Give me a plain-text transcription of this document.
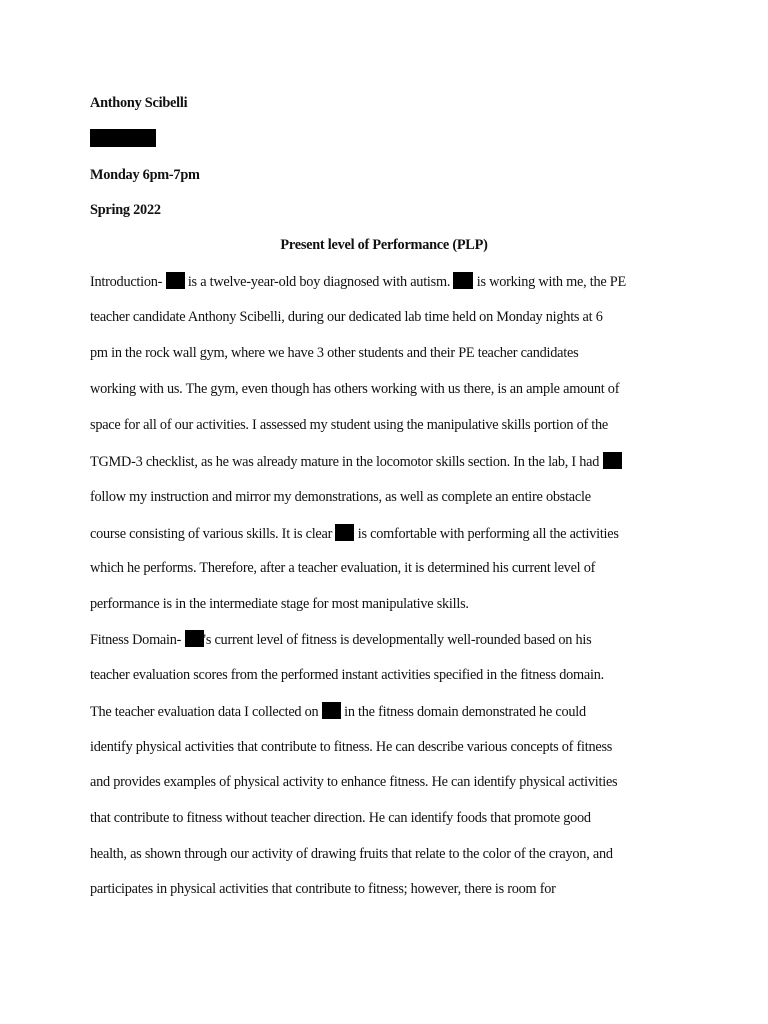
Anthony Scibelli
Monday 6pm-7pm
Spring 2022
Present level of Performance (PLP)
Introduction-  is a twelve-year-old boy diagnosed with autism.  is working with me, the PE
teacher candidate Anthony Scibelli, during our dedicated lab time held on Monday nights at 6
pm in the rock wall gym, where we have 3 other students and their PE teacher candidates
working with us. The gym, even though has others working with us there, is an ample amount of
space for all of our activities. I assessed my student using the manipulative skills portion of the
TGMD-3 checklist, as he was already mature in the locomotor skills section. In the lab, I had
follow my instruction and mirror my demonstrations, as well as complete an entire obstacle
course consisting of various skills. It is clear  is comfortable with performing all the activities
which he performs. Therefore, after a teacher evaluation, it is determined his current level of
performance is in the intermediate stage for most manipulative skills.
Fitness Domain- 's current level of fitness is developmentally well-rounded based on his
teacher evaluation scores from the performed instant activities specified in the fitness domain.
The teacher evaluation data I collected on  in the fitness domain demonstrated he could
identify physical activities that contribute to fitness. He can describe various concepts of fitness
and provides examples of physical activity to enhance fitness. He can identify physical activities
that contribute to fitness without teacher direction. He can identify foods that promote good
health, as shown through our activity of drawing fruits that relate to the color of the crayon, and
participates in physical activities that contribute to fitness; however, there is room for
